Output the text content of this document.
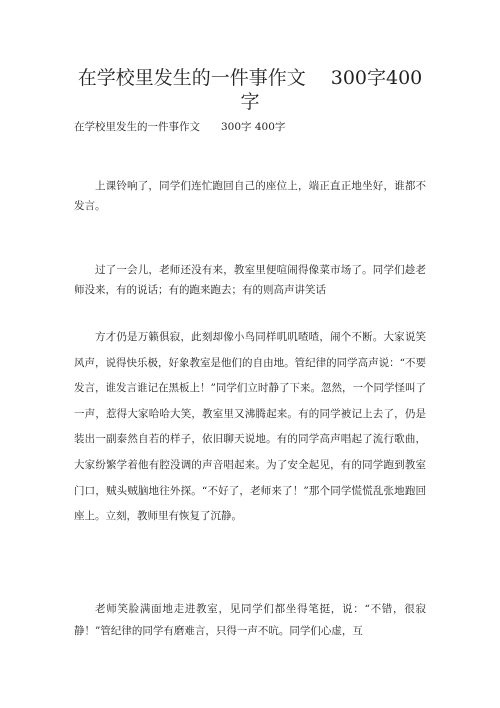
在学校里发生的一件事作文　 300字400字
在学校里发生的一件事作文　　300字 400字

上课铃响了，同学们连忙跑回自己的座位上，端正直正地坐好，谁都不发言。

过了一会儿，老师还没有来，教室里便喧闹得像菜市场了。同学们趁老师没来，有的说话；有的跑来跑去；有的则高声讲笑话

方才仍是万籁俱寂，此刻却像小鸟同样叽叽喳喳，闹个不断。大家说笑风声，说得快乐极，好象教室是他们的自由地。管纪律的同学高声说：“不要发言，谁发言谁记在黑板上！”同学们立时静了下来。忽然，一个同学怪叫了一声，惹得大家哈哈大笑，教室里又沸腾起来。有的同学被记上去了，仍是装出一副泰然自若的样子，依旧聊天说地。有的同学高声唱起了流行歌曲，大家纷繁学着他有腔没调的声音唱起来。为了安全起见，有的同学跑到教室门口，贼头贼脑地往外探。“不好了，老师来了！”那个同学慌慌乱张地跑回座上。立刻，教师里有恢复了沉静。

老师笑脸满面地走进教室，见同学们都坐得笔挺，说：“不错，很寂静！”管纪律的同学有磨难言，只得一声不吭。同学们心虚，互
